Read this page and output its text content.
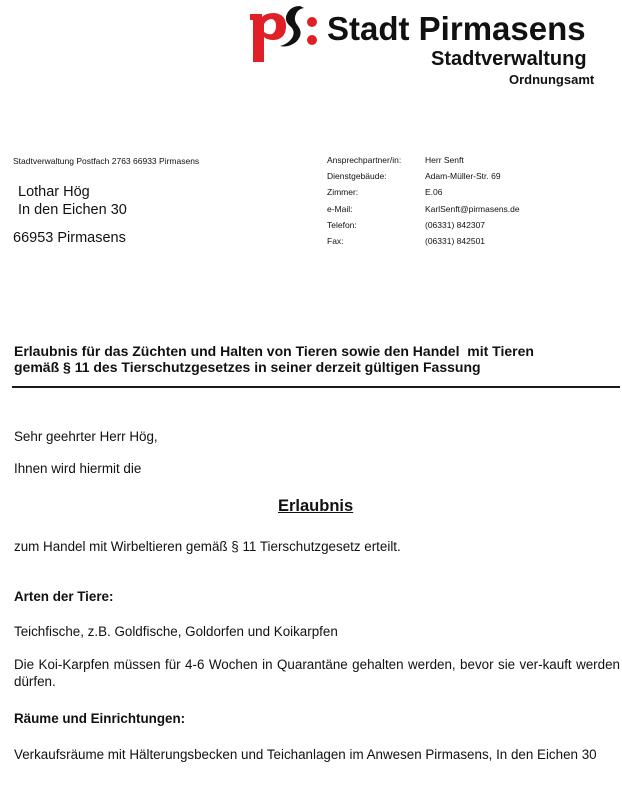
Stadt Pirmasens
Stadtverwaltung
Ordnungsamt
Stadtverwaltung Postfach 2763 66933 Pirmasens
Lothar Hög
In den Eichen 30
66953 Pirmasens
Ansprechpartner/in:	Herr Senft
Dienstgebäude:	Adam-Müller-Str. 69
Zimmer:	E.06
e-Mail:	KarlSenft@pirmasens.de
Telefon:	(06331) 842307
Fax:	(06331) 842501
Erlaubnis für das Züchten und Halten von Tieren sowie den Handel  mit Tieren
gemäß § 11 des Tierschutzgesetzes in seiner derzeit gültigen Fassung
Sehr geehrter Herr Hög,
Ihnen wird hiermit die
Erlaubnis
zum Handel mit Wirbeltieren gemäß § 11 Tierschutzgesetz erteilt.
Arten der Tiere:
Teichfische, z.B. Goldfische, Goldorfen und Koikarpfen
Die Koi-Karpfen müssen für 4-6 Wochen in Quarantäne gehalten werden, bevor sie ver-kauft werden dürfen.
Räume und Einrichtungen:
Verkaufsräume mit Hälterungsbecken und Teichanlagen im Anwesen Pirmasens, In den Eichen 30
